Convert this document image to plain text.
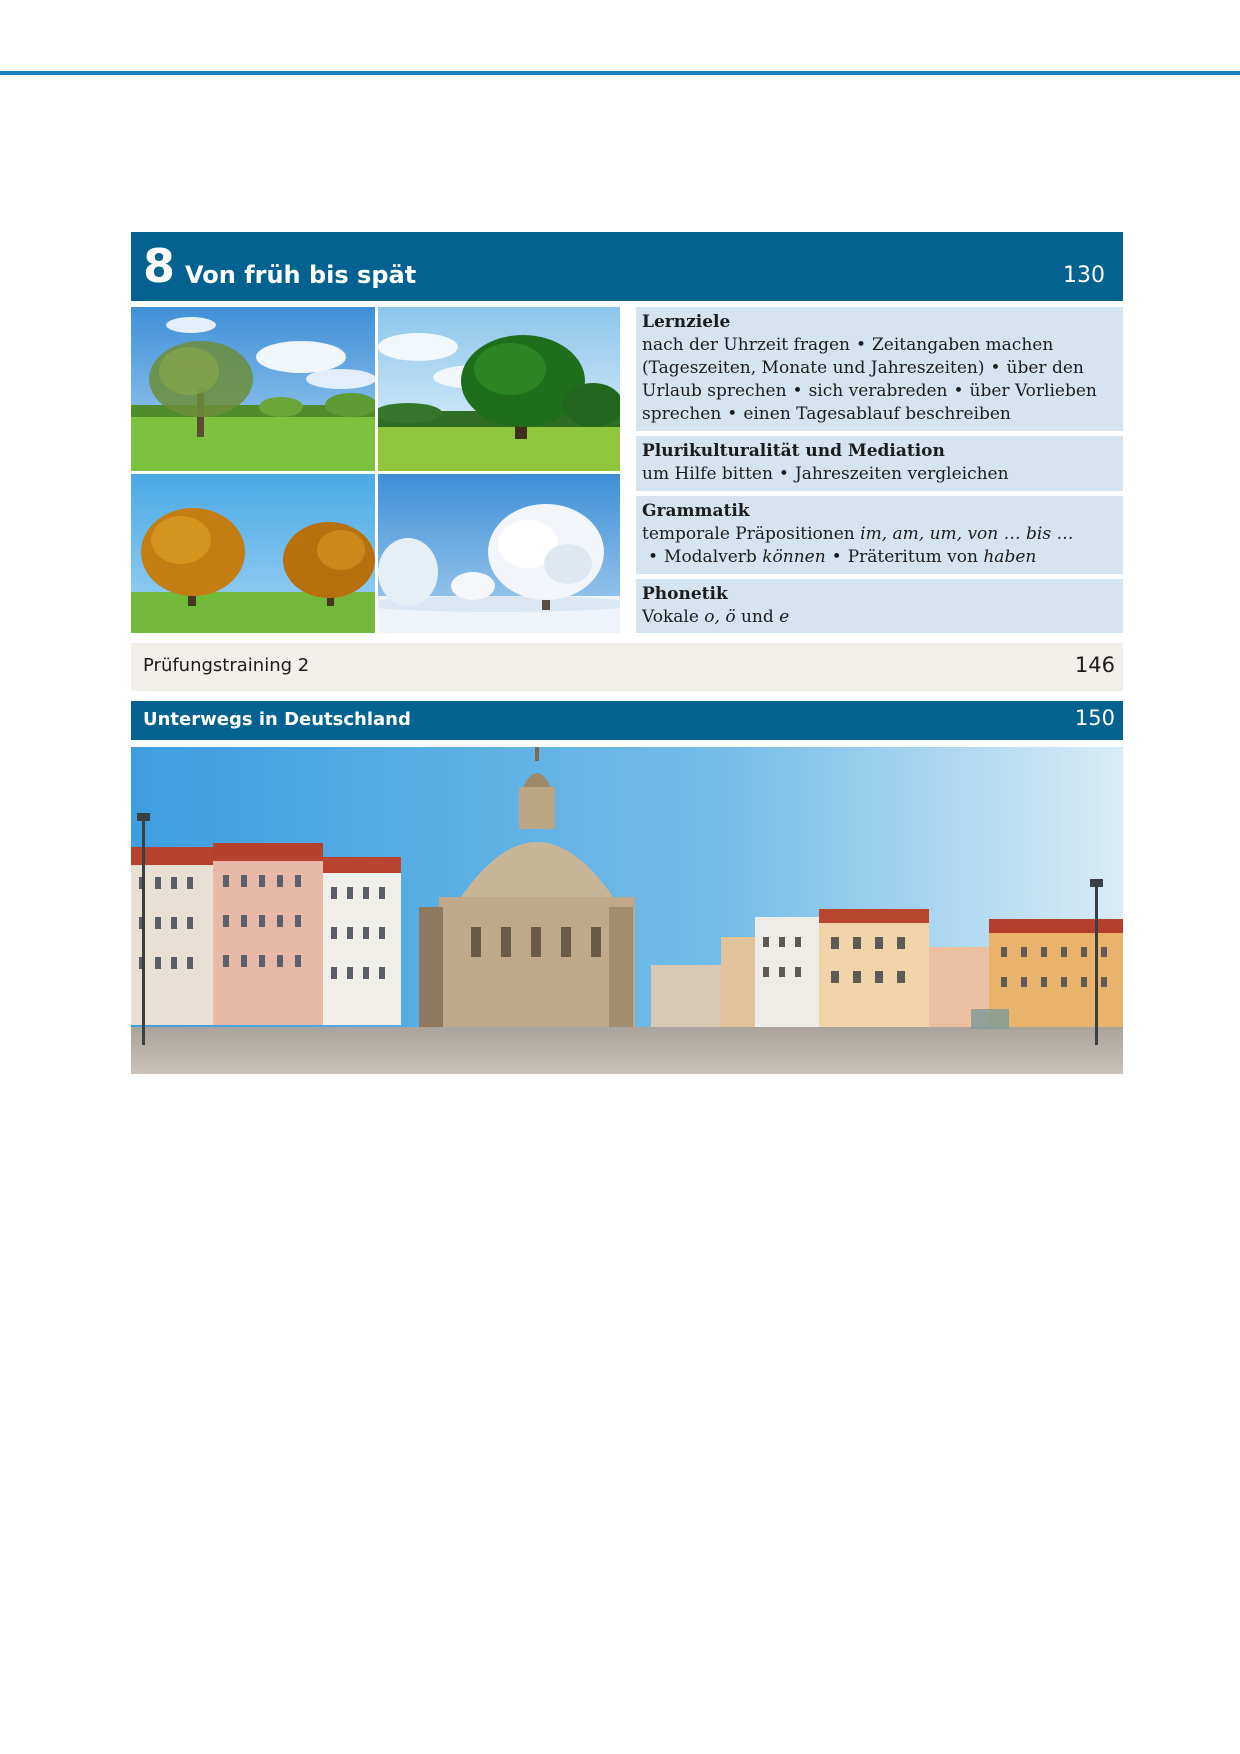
8 Von früh bis spät	130
Lernziele
nach der Uhrzeit fragen • Zeitangaben machen (Tageszeiten, Monate und Jahreszeiten) • über den Urlaub sprechen • sich verabreden • über Vorlieben sprechen • einen Tagesablauf beschreiben
Plurikulturalität und Mediation
um Hilfe bitten • Jahreszeiten vergleichen
Grammatik
temporale Präpositionen im, am, um, von … bis …• Modalverb können • Präteritum von haben
Phonetik
Vokale o, ö und e
Prüfungstraining 2	146
Unterwegs in Deutschland	150
